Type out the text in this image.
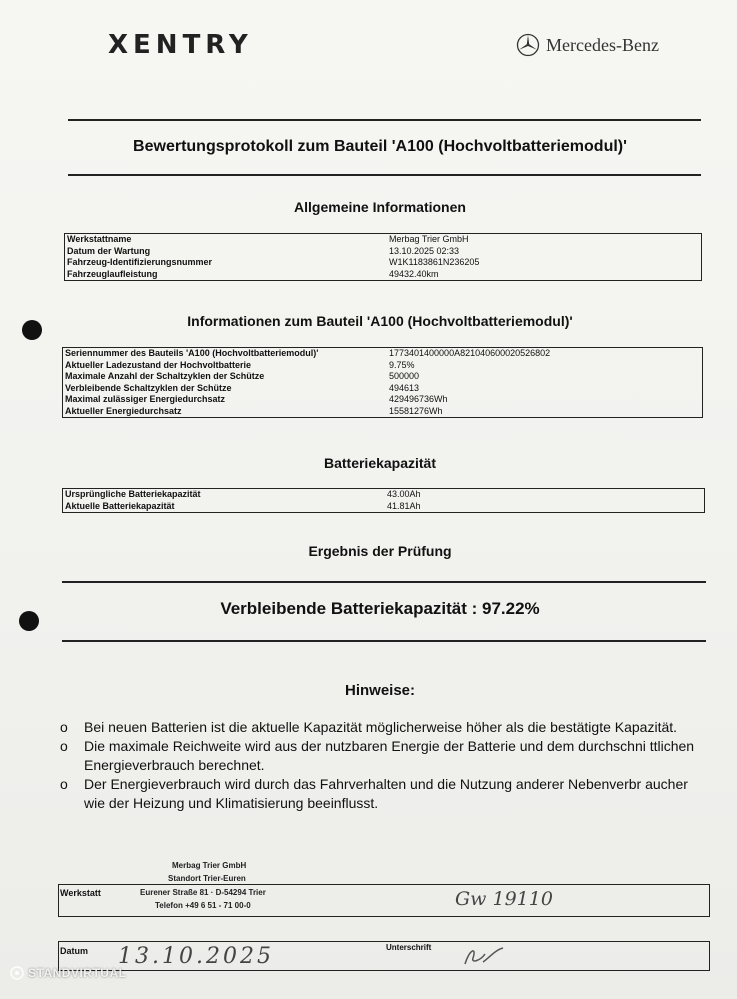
XENTRY	Mercedes-Benz
Bewertungsprotokoll zum Bauteil 'A100 (Hochvoltbatteriemodul)'
Allgemeine Informationen
Werkstattname	Merbag Trier GmbH
Datum der Wartung	13.10.2025 02:33
Fahrzeug-Identifizierungsnummer	W1K1183861N236205
Fahrzeuglaufleistung	49432.40km
Informationen zum Bauteil 'A100 (Hochvoltbatteriemodul)'
Seriennummer des Bauteils 'A100 (Hochvoltbatteriemodul)'	1773401400000A821040600020526802
Aktueller Ladezustand der Hochvoltbatterie	9.75%
Maximale Anzahl der Schaltzyklen der Schütze	500000
Verbleibende Schaltzyklen der Schütze	494613
Maximal zulässiger Energiedurchsatz	429496736Wh
Aktueller Energiedurchsatz	15581276Wh
Batteriekapazität
Ursprüngliche Batteriekapazität	43.00Ah
Aktuelle Batteriekapazität	41.81Ah
Ergebnis der Prüfung
Verbleibende Batteriekapazität : 97.22%
Hinweise:
o Bei neuen Batterien ist die aktuelle Kapazität möglicherweise höher als die bestätigte Kapazität.
o Die maximale Reichweite wird aus der nutzbaren Energie der Batterie und dem durchschni ttlichen Energieverbrauch berechnet.
o Der Energieverbrauch wird durch das Fahrverhalten und die Nutzung anderer Nebenverbr aucher wie der Heizung und Klimatisierung beeinflusst.
Merbag Trier GmbH
Standort Trier-Euren
Werkstatt	Eurener Straße 81 · D-54294 Trier
Telefon +49 6 51 - 71 00-0	Gw 19110
Datum 13.10.2025	Unterschrift
STANDVIRTUAL
